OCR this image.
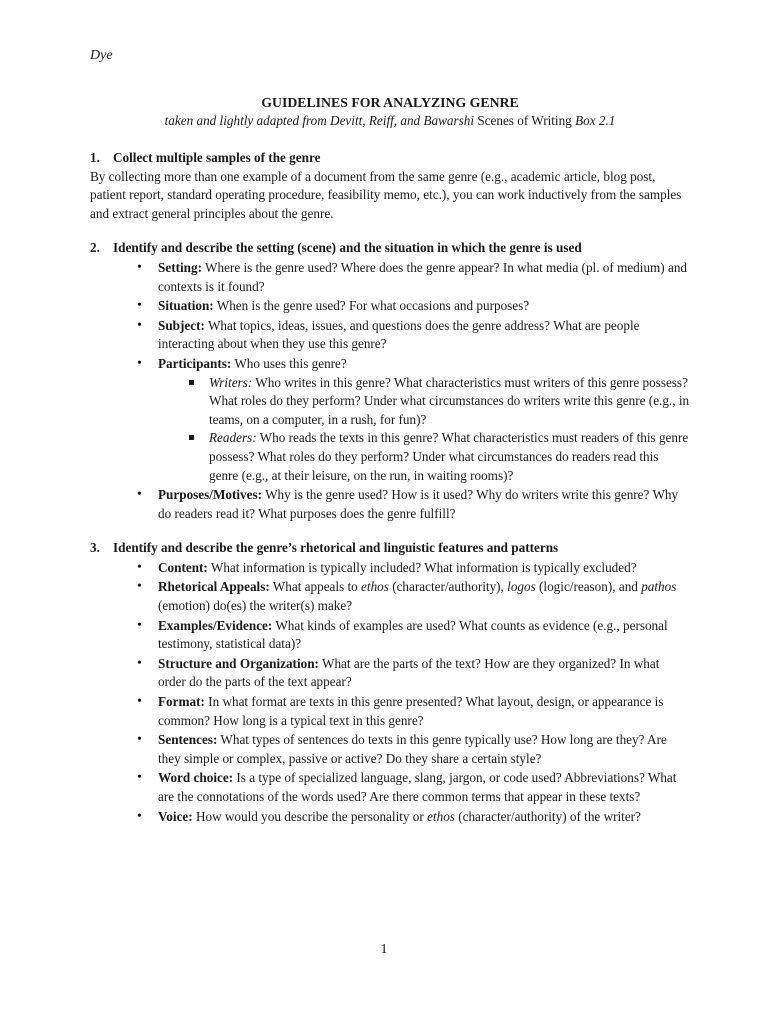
Dye

GUIDELINES FOR ANALYZING GENRE

taken and lightly adapted from Devitt, Reiff, and Bawarshi Scenes of Writing Box 2.1

1. Collect multiple samples of the genre

By collecting more than one example of a document from the same genre (e.g., academic article, blog post, patient report, standard operating procedure, feasibility memo, etc.), you can work inductively from the samples and extract general principles about the genre.

2. Identify and describe the setting (scene) and the situation in which the genre is used

• Setting: Where is the genre used? Where does the genre appear? In what media (pl. of medium) and contexts is it found?
• Situation: When is the genre used? For what occasions and purposes?
• Subject: What topics, ideas, issues, and questions does the genre address? What are people interacting about when they use this genre?
• Participants: Who uses this genre?
Writers: Who writes in this genre? What characteristics must writers of this genre possess? What roles do they perform? Under what circumstances do writers write this genre (e.g., in teams, on a computer, in a rush, for fun)?
Readers: Who reads the texts in this genre? What characteristics must readers of this genre possess? What roles do they perform? Under what circumstances do readers read this genre (e.g., at their leisure, on the run, in waiting rooms)?
• Purposes/Motives: Why is the genre used? How is it used? Why do writers write this genre? Why do readers read it? What purposes does the genre fulfill?

3. Identify and describe the genre’s rhetorical and linguistic features and patterns

• Content: What information is typically included? What information is typically excluded?
• Rhetorical Appeals: What appeals to ethos (character/authority), logos (logic/reason), and pathos (emotion) do(es) the writer(s) make?
• Examples/Evidence: What kinds of examples are used? What counts as evidence (e.g., personal testimony, statistical data)?
• Structure and Organization: What are the parts of the text? How are they organized? In what order do the parts of the text appear?
• Format: In what format are texts in this genre presented? What layout, design, or appearance is common? How long is a typical text in this genre?
• Sentences: What types of sentences do texts in this genre typically use? How long are they? Are they simple or complex, passive or active? Do they share a certain style?
• Word choice: Is a type of specialized language, slang, jargon, or code used? Abbreviations? What are the connotations of the words used? Are there common terms that appear in these texts?
• Voice: How would you describe the personality or ethos (character/authority) of the writer?
1
